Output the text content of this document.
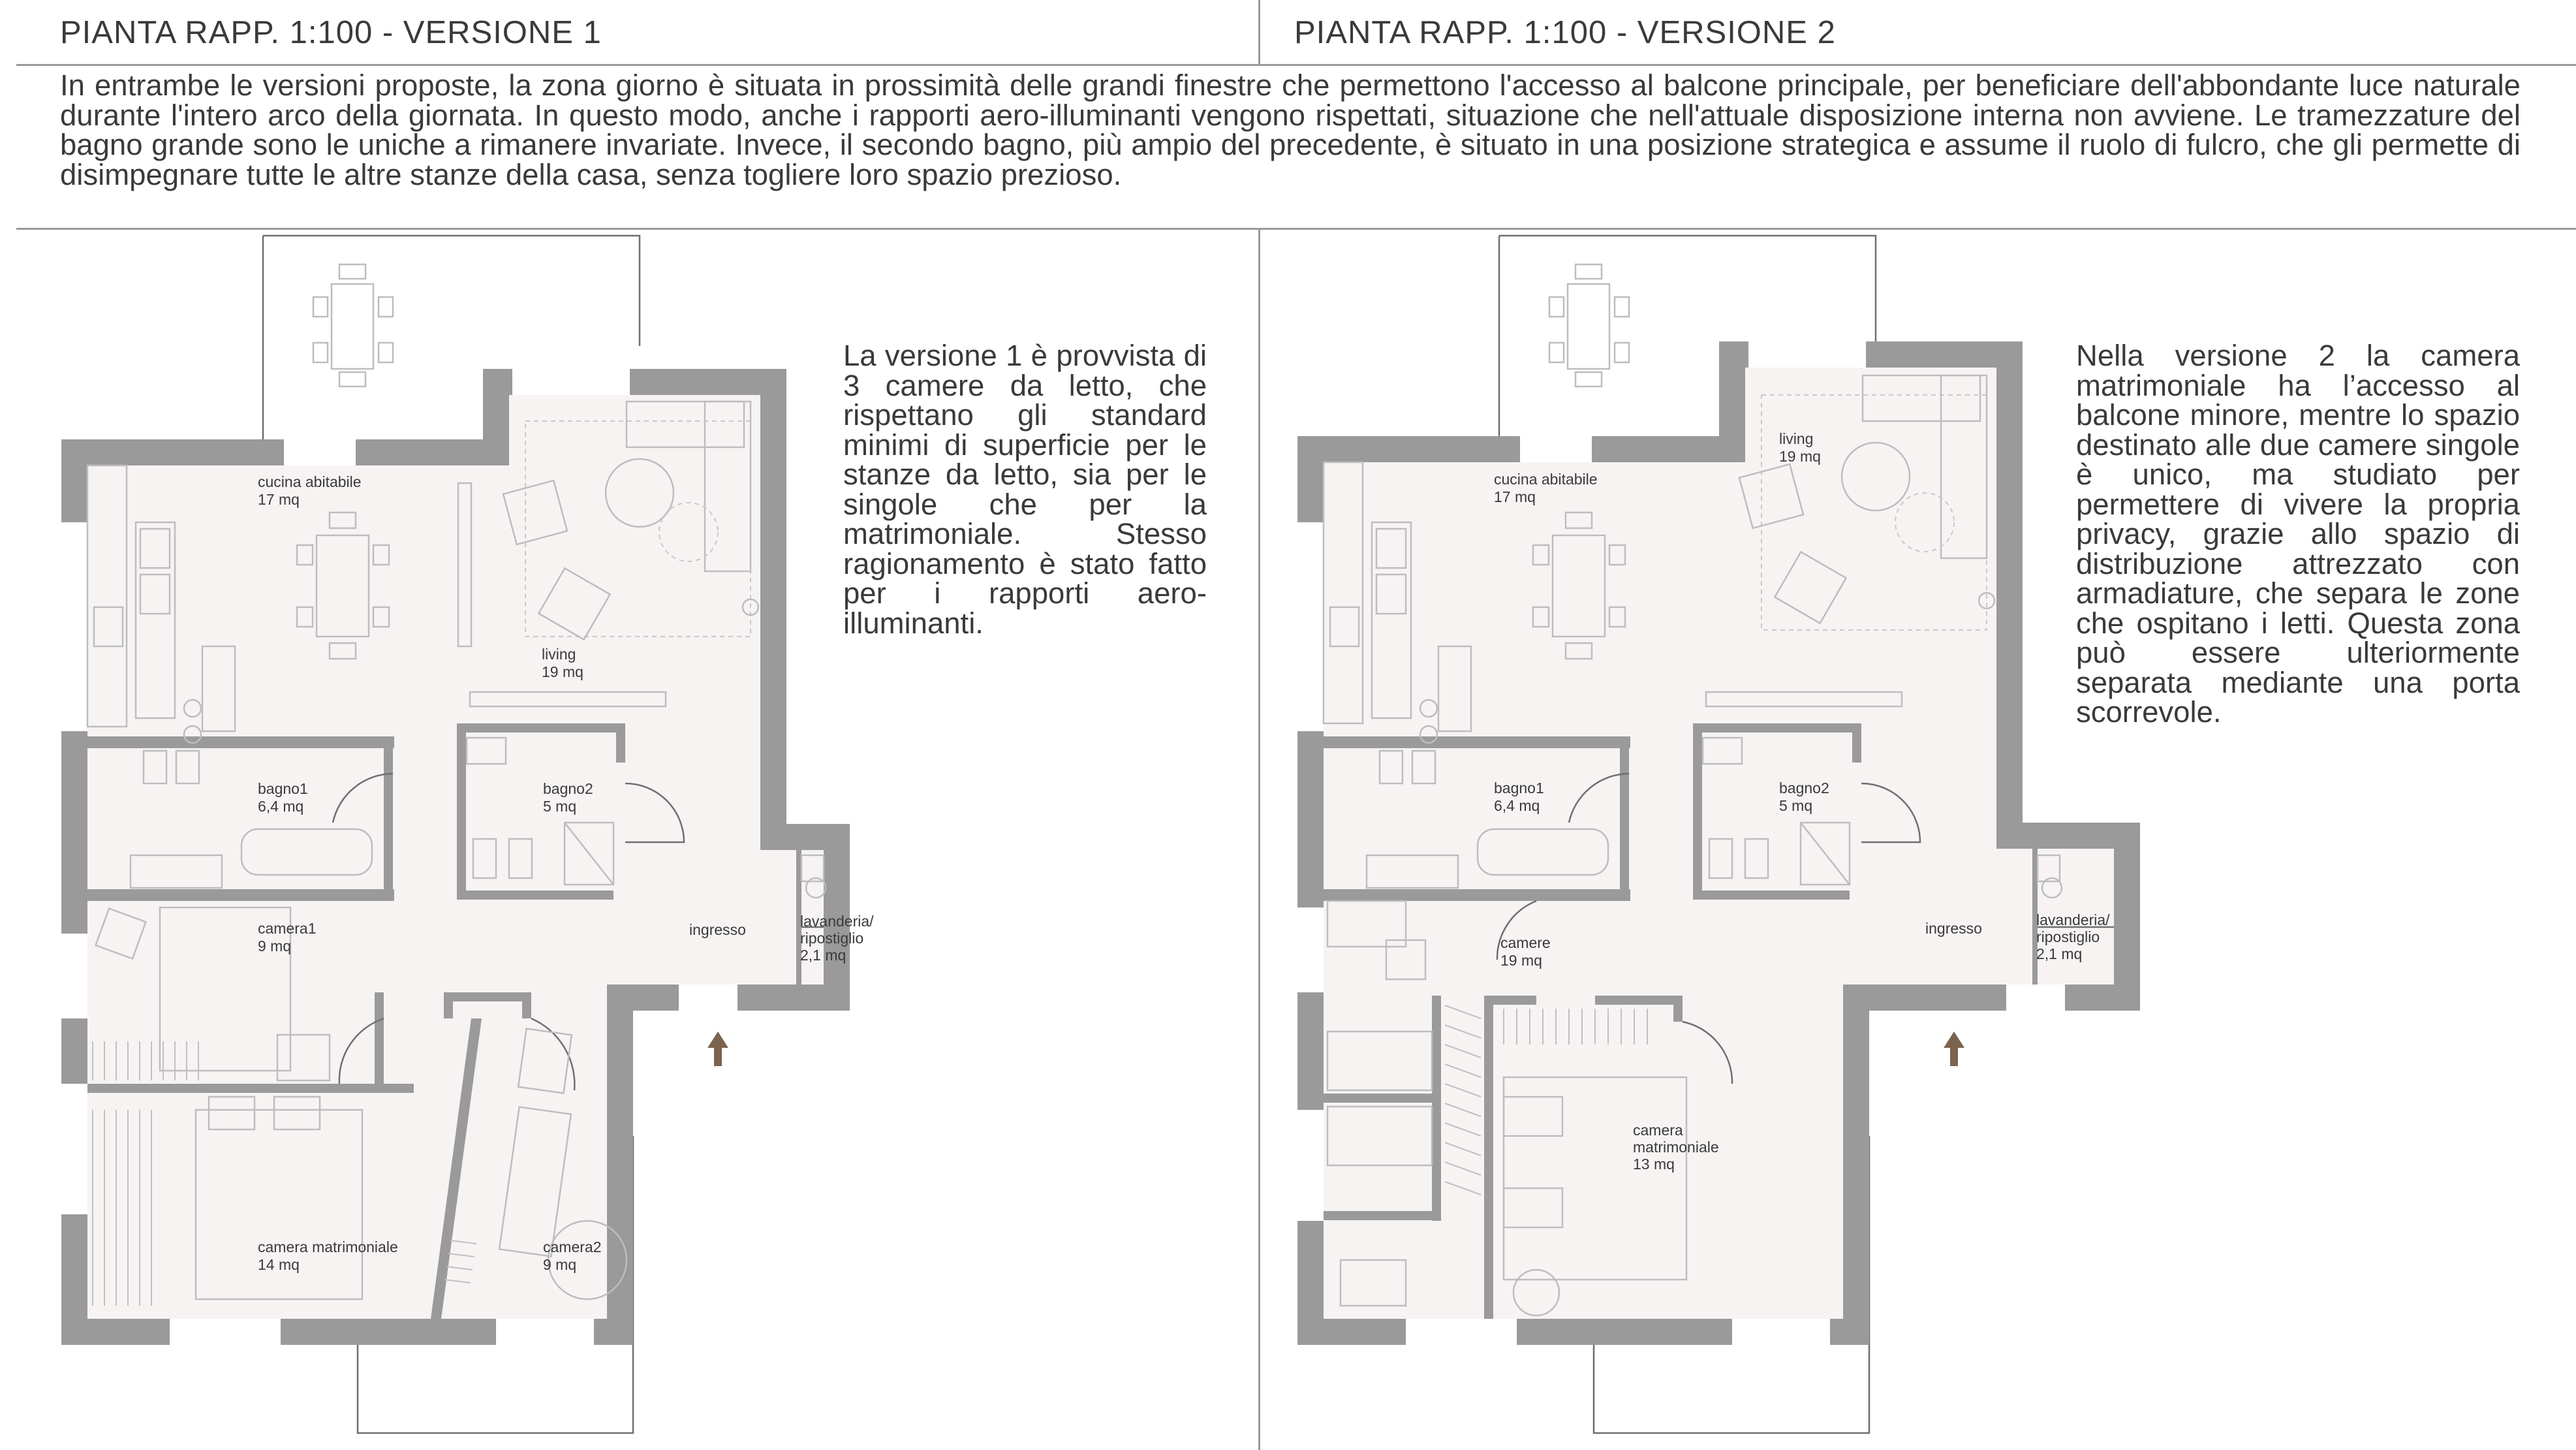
PIANTA RAPP. 1:100 - VERSIONE 1	PIANTA RAPP. 1:100 - VERSIONE 2
In entrambe le versioni proposte, la zona giorno è situata in prossimità delle grandi finestre che permettono l'accesso al balcone principale, per beneficiare dell'abbondante luce naturale durante l'intero arco della giornata. In questo modo, anche i rapporti aero-illuminanti vengono rispettati, situazione che nell'attuale disposizione interna non avviene. Le tramezzature del bagno grande sono le uniche a rimanere invariate. Invece, il secondo bagno, più ampio del precedente, è situato in una posizione strategica e assume il ruolo di fulcro, che gli permette di disimpegnare tutte le altre stanze della casa, senza togliere loro spazio prezioso.
La versione 1 è provvista di 3 camere da letto, che rispettano gli standard minimi di superficie per le stanze da letto, sia per le singole che per la matrimoniale. Stesso ragionamento è stato fatto per i rapporti aero-illuminanti.
Nella versione 2 la camera matrimoniale ha l’accesso al balcone minore, mentre lo spazio destinato alle due camere singole è unico, ma studiato per permettere di vivere la propria privacy, grazie allo spazio di distribuzione attrezzato con armadiature, che separa le zone che ospitano i letti. Questa zona può essere ulteriormente separata mediante una porta scorrevole.
cucina abitabile 17 mq
living 19 mq
bagno1 6,4 mq
bagno2 5 mq
camera1 9 mq
ingresso	lavanderia/ ripostiglio 2,1 mq
camera matrimoniale 14 mq
camera2 9 mq
cucina abitabile 17 mq
living 19 mq
bagno1 6,4 mq
bagno2 5 mq
camere 19 mq
ingresso	lavanderia/ ripostiglio 2,1 mq
camera matrimoniale 13 mq
